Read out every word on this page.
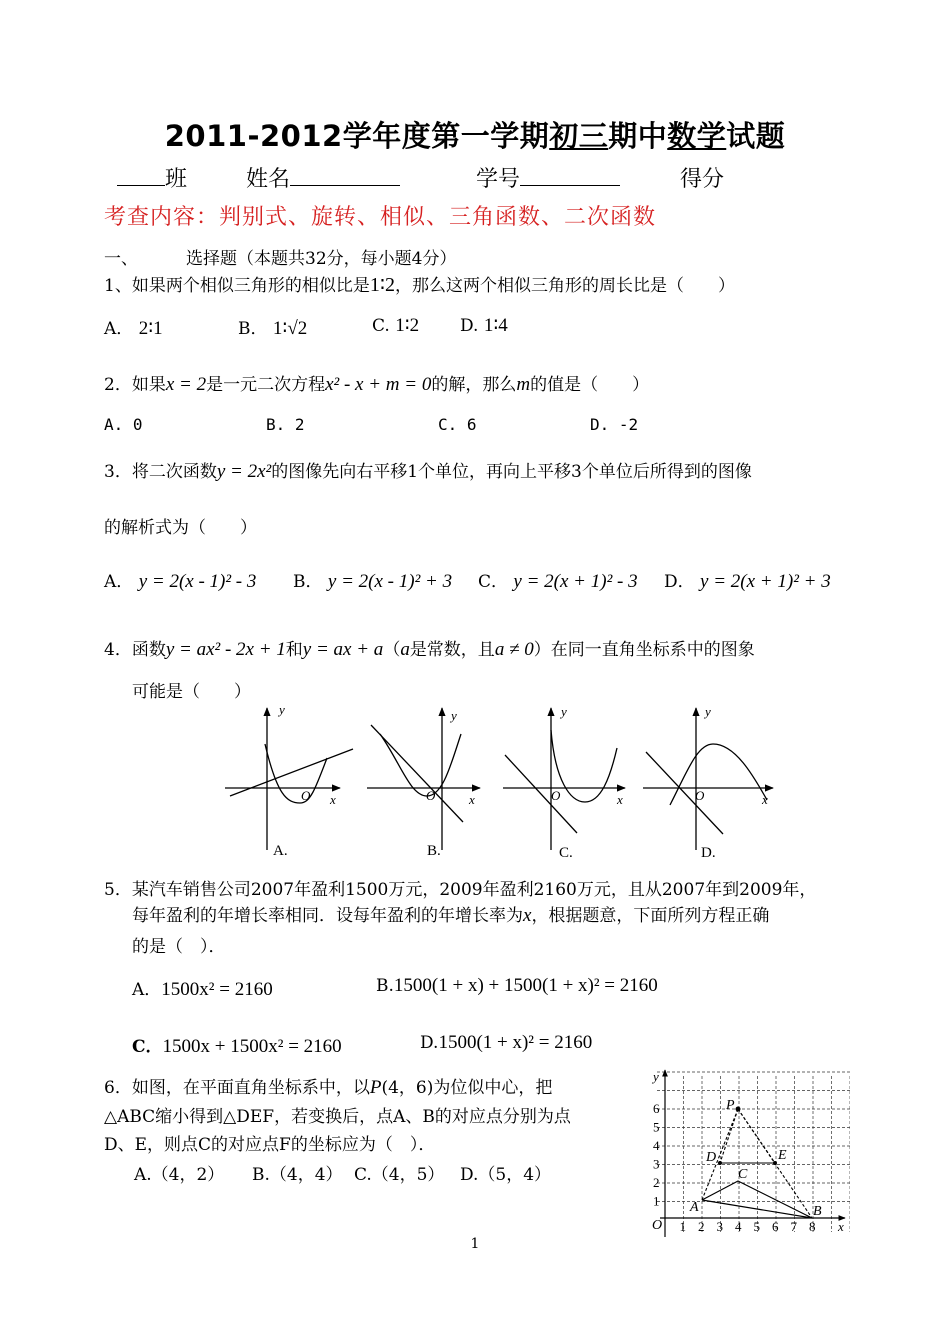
2011-2012学年度第一学期初三期中数学试题
班	姓名	学号	得分
考查内容：判别式、旋转、相似、三角函数、二次函数
一、	选择题（本题共32分，每小题4分）
1、如果两个相似三角形的相似比是1∶2，那么这两个相似三角形的周长比是（　　）
A． 2∶1	B． 1∶√2	C. 1∶2 D. 1∶4
2．如果x = 2是一元二次方程x² - x + m = 0的解，那么m的值是（　　）
A. 0	B. 2	C. 6	D. -2
3．将二次函数y = 2x²的图像先向右平移1个单位，再向上平移3个单位后所得到的图像
的解析式为（　　）
A． y = 2(x - 1)² - 3 B． y = 2(x - 1)² + 3 C． y = 2(x + 1)² - 3 D． y = 2(x + 1)² + 3
4．函数y = ax² - 2x + 1和y = ax + a（a是常数，且a ≠ 0）在同一直角坐标系中的图象
可能是（　　）
y
x
O
A.
y
x
O
B.
y
x
O
C.
y
x
O
D.
5．某汽车销售公司2007年盈利1500万元，2009年盈利2160万元，且从2007年到2009年，
每年盈利的年增长率相同．设每年盈利的年增长率为x，根据题意，下面所列方程正确
的是（　）．
A．1500x² = 2160	B.1500(1 + x) + 1500(1 + x)² = 2160
C．1500x + 1500x² = 2160	D.1500(1 + x)² = 2160
6．如图，在平面直角坐标系中，以P(4，6)为位似中心，把
△ABC缩小得到△DEF，若变换后，点A、B的对应点分别为点
D、E，则点C的对应点F的坐标应为（　）．
A.（4，2） B.（4，4） C.（4，5） D.（5，4）
1 2 3 4 5 6 7 8
1
2
3
4
5
6	P
D	E
A	B
C
O	x
y
1
